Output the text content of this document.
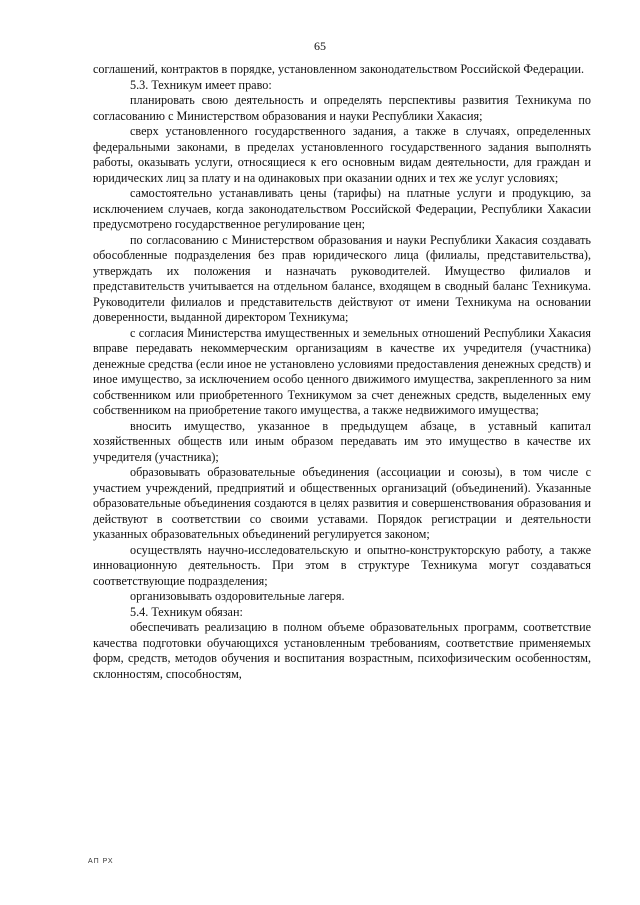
65

соглашений, контрактов в порядке, установленном законодательством Российской Федерации.

5.3. Техникум имеет право:

планировать свою деятельность и определять перспективы развития Техникума по согласованию с Министерством образования и науки Республики Хакасия;

сверх установленного государственного задания, а также в случаях, определенных федеральными законами, в пределах установленного государственного задания выполнять работы, оказывать услуги, относящиеся к его основным видам деятельности, для граждан и юридических лиц за плату и на одинаковых при оказании одних и тех же услуг условиях;

самостоятельно устанавливать цены (тарифы) на платные услуги и продукцию, за исключением случаев, когда законодательством Российской Федерации, Республики Хакасии предусмотрено государственное регулирование цен;

по согласованию с Министерством образования и науки Республики Хакасия создавать обособленные подразделения без прав юридического лица (филиалы, представительства), утверждать их положения и назначать руководителей. Имущество филиалов и представительств учитывается на отдельном балансе, входящем в сводный баланс Техникума. Руководители филиалов и представительств действуют от имени Техникума на основании доверенности, выданной директором Техникума;

с согласия Министерства имущественных и земельных отношений Республики Хакасия вправе передавать некоммерческим организациям в качестве их учредителя (участника) денежные средства (если иное не установлено условиями предоставления денежных средств) и иное имущество, за исключением особо ценного движимого имущества, закрепленного за ним собственником или приобретенного Техникумом за счет денежных средств, выделенных ему собственником на приобретение такого имущества, а также недвижимого имущества;

вносить имущество, указанное в предыдущем абзаце, в уставный капитал хозяйственных обществ или иным образом передавать им это имущество в качестве их учредителя (участника);

образовывать образовательные объединения (ассоциации и союзы), в том числе с участием учреждений, предприятий и общественных организаций (объединений). Указанные образовательные объединения создаются в целях развития и совершенствования образования и действуют в соответствии со своими уставами. Порядок регистрации и деятельности указанных образовательных объединений регулируется законом;

осуществлять научно-исследовательскую и опытно-конструкторскую работу, а также инновационную деятельность. При этом в структуре Техникума могут создаваться соответствующие подразделения;

организовывать оздоровительные лагеря.

5.4. Техникум обязан:

обеспечивать реализацию в полном объеме образовательных программ, соответствие качества подготовки обучающихся установленным требованиям, соответствие применяемых форм, средств, методов обучения и воспитания возрастным, психофизическим особенностям, склонностям, способностям,

АП РХ
